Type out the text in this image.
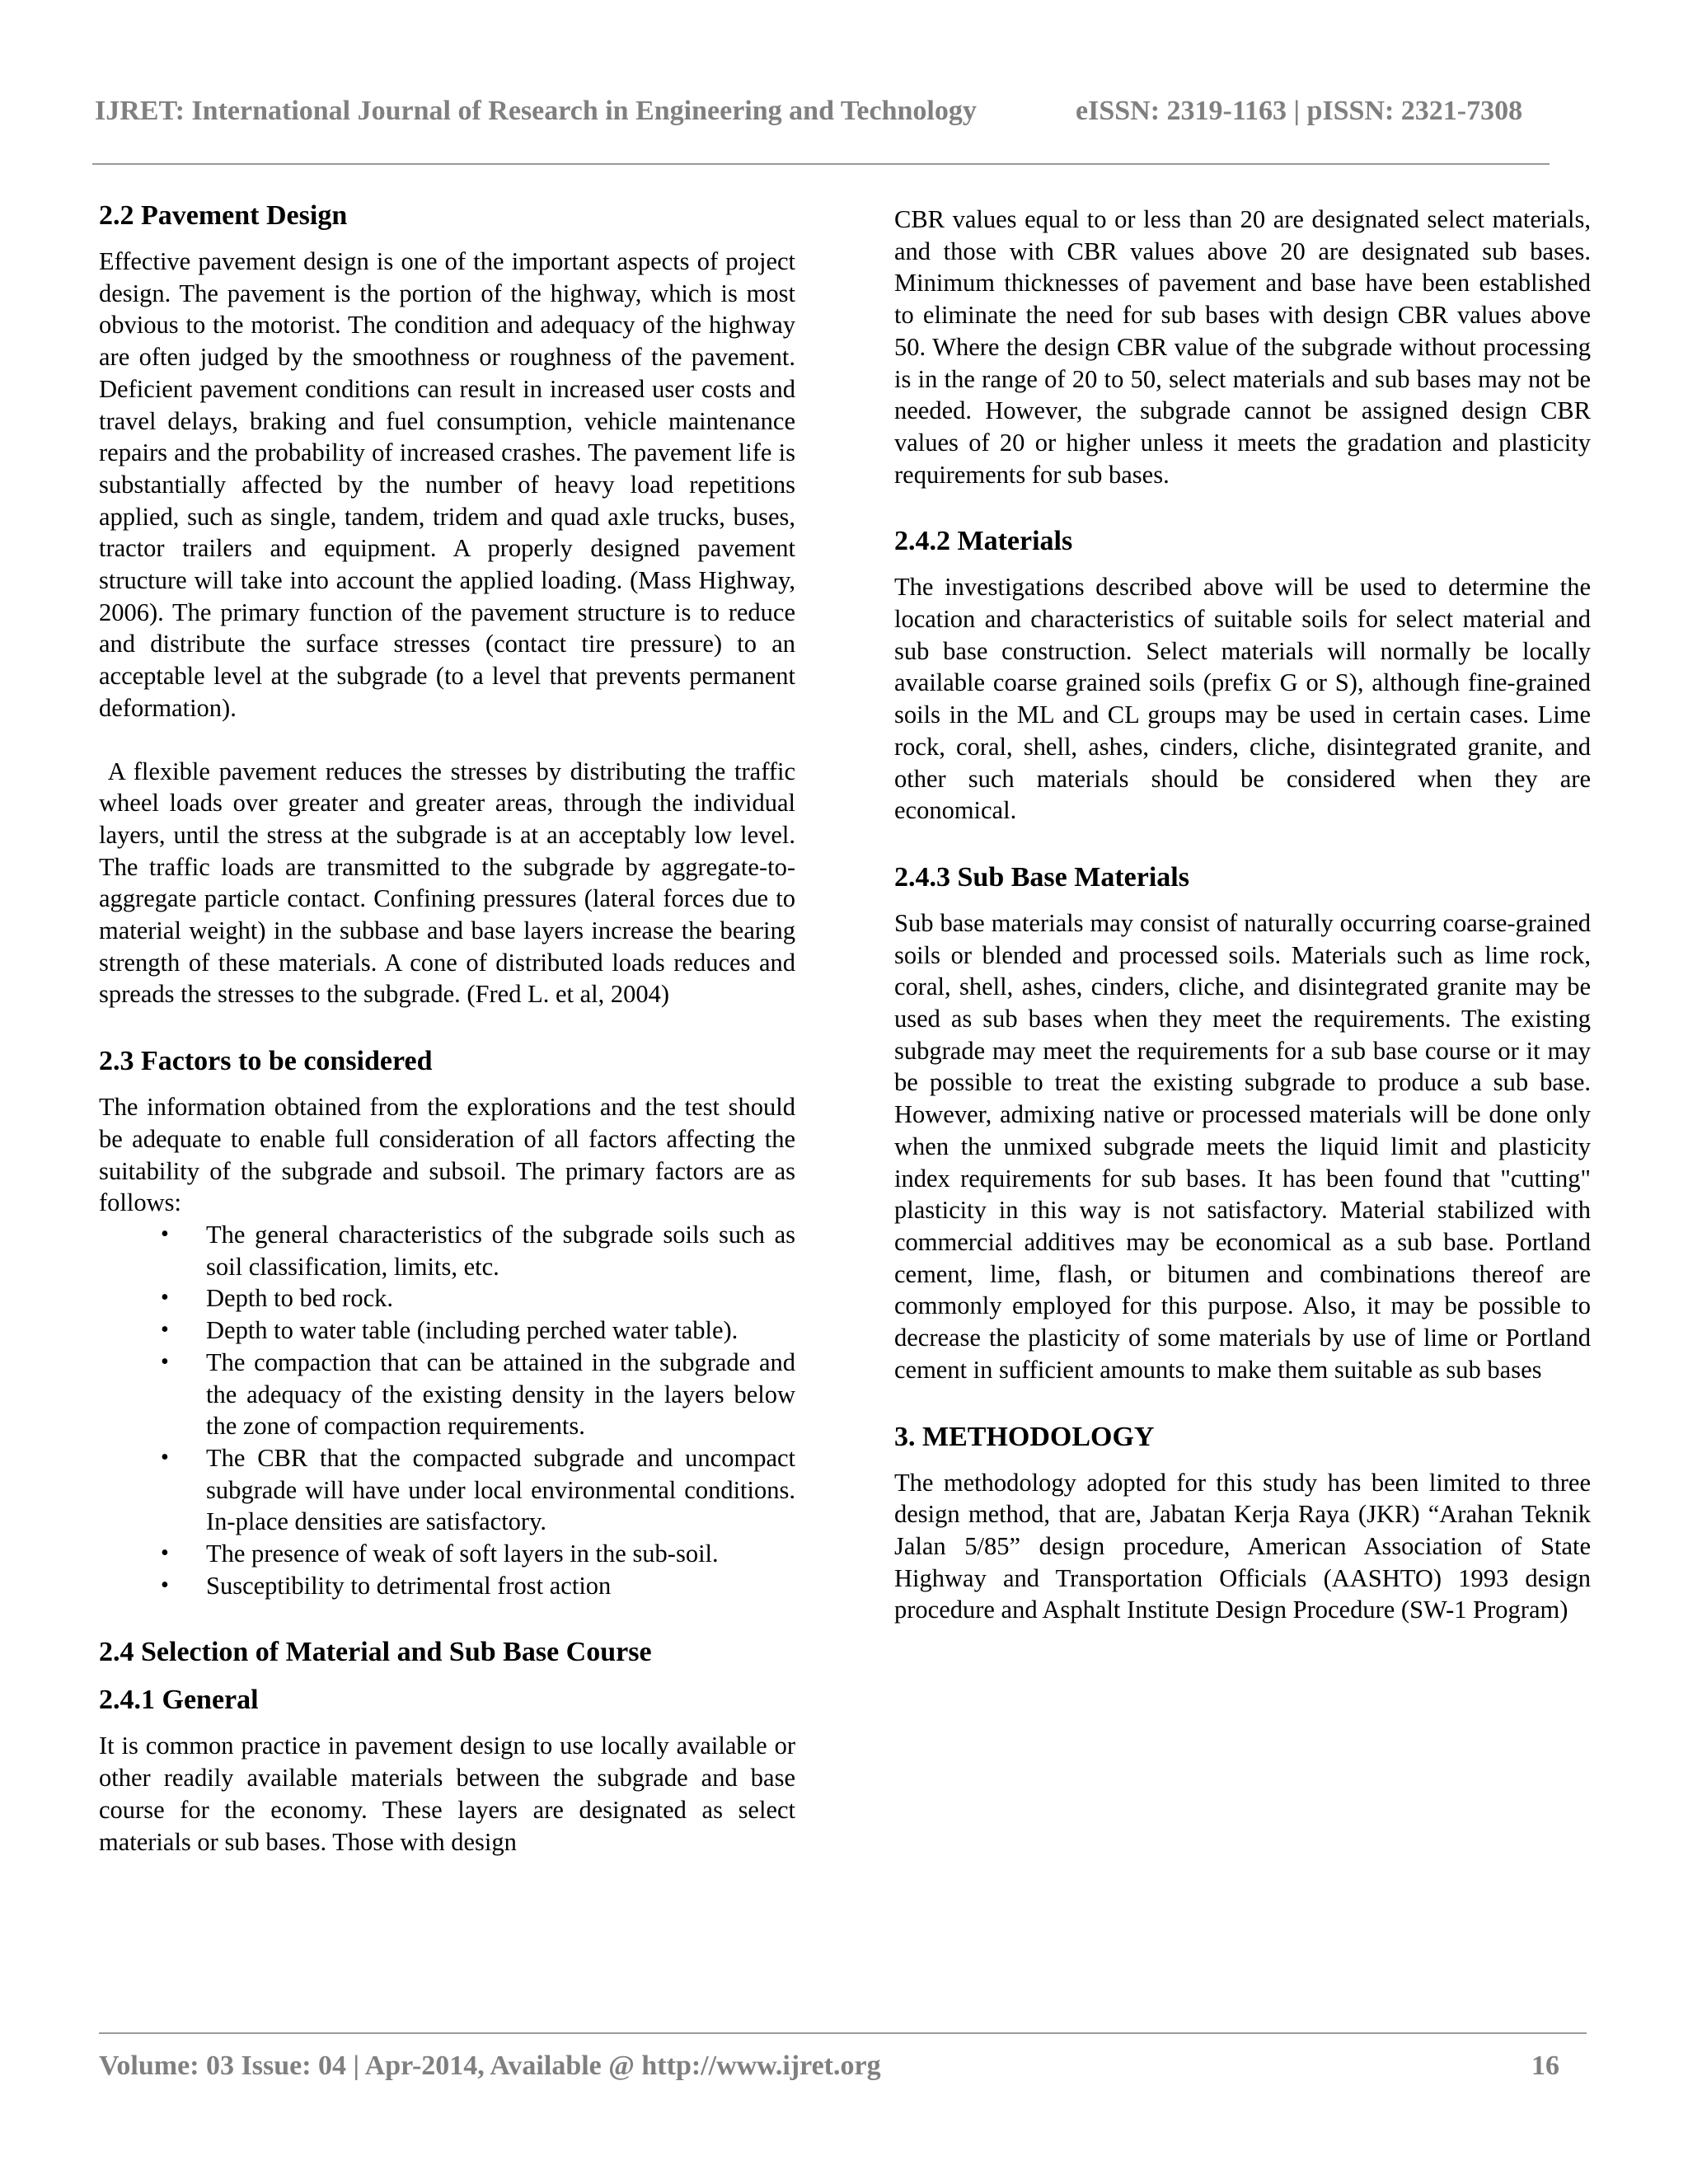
IJRET: International Journal of Research in Engineering and Technology	eISSN: 2319-1163 | pISSN: 2321-7308
2.2 Pavement Design

Effective pavement design is one of the important aspects of project design. The pavement is the portion of the highway, which is most obvious to the motorist. The condition and adequacy of the highway are often judged by the smoothness or roughness of the pavement. Deficient pavement conditions can result in increased user costs and travel delays, braking and fuel consumption, vehicle maintenance repairs and the probability of increased crashes. The pavement life is substantially affected by the number of heavy load repetitions applied, such as single, tandem, tridem and quad axle trucks, buses, tractor trailers and equipment. A properly designed pavement structure will take into account the applied loading. (Mass Highway, 2006). The primary function of the pavement structure is to reduce and distribute the surface stresses (contact tire pressure) to an acceptable level at the subgrade (to a level that prevents permanent deformation).

A flexible pavement reduces the stresses by distributing the traffic wheel loads over greater and greater areas, through the individual layers, until the stress at the subgrade is at an acceptably low level. The traffic loads are transmitted to the subgrade by aggregate-to-aggregate particle contact. Confining pressures (lateral forces due to material weight) in the subbase and base layers increase the bearing strength of these materials. A cone of distributed loads reduces and spreads the stresses to the subgrade. (Fred L. et al, 2004)

2.3 Factors to be considered

The information obtained from the explorations and the test should be adequate to enable full consideration of all factors affecting the suitability of the subgrade and subsoil. The primary factors are as follows:

• The general characteristics of the subgrade soils such as soil classification, limits, etc.
• Depth to bed rock.
• Depth to water table (including perched water table).
• The compaction that can be attained in the subgrade and the adequacy of the existing density in the layers below the zone of compaction requirements.
• The CBR that the compacted subgrade and uncompact subgrade will have under local environmental conditions. In-place densities are satisfactory.
• The presence of weak of soft layers in the sub-soil.
• Susceptibility to detrimental frost action
2.4 Selection of Material and Sub Base Course
2.4.1 General

It is common practice in pavement design to use locally available or other readily available materials between the subgrade and base course for the economy. These layers are designated as select materials or sub bases. Those with design

CBR values equal to or less than 20 are designated select materials, and those with CBR values above 20 are designated sub bases. Minimum thicknesses of pavement and base have been established to eliminate the need for sub bases with design CBR values above 50. Where the design CBR value of the subgrade without processing is in the range of 20 to 50, select materials and sub bases may not be needed. However, the subgrade cannot be assigned design CBR values of 20 or higher unless it meets the gradation and plasticity requirements for sub bases.

2.4.2 Materials

The investigations described above will be used to determine the location and characteristics of suitable soils for select material and sub base construction. Select materials will normally be locally available coarse grained soils (prefix G or S), although fine-grained soils in the ML and CL groups may be used in certain cases. Lime rock, coral, shell, ashes, cinders, cliche, disintegrated granite, and other such materials should be considered when they are economical.

2.4.3 Sub Base Materials

Sub base materials may consist of naturally occurring coarse-grained soils or blended and processed soils. Materials such as lime rock, coral, shell, ashes, cinders, cliche, and disintegrated granite may be used as sub bases when they meet the requirements. The existing subgrade may meet the requirements for a sub base course or it may be possible to treat the existing subgrade to produce a sub base. However, admixing native or processed materials will be done only when the unmixed subgrade meets the liquid limit and plasticity index requirements for sub bases. It has been found that "cutting" plasticity in this way is not satisfactory. Material stabilized with commercial additives may be economical as a sub base. Portland cement, lime, flash, or bitumen and combinations thereof are commonly employed for this purpose. Also, it may be possible to decrease the plasticity of some materials by use of lime or Portland cement in sufficient amounts to make them suitable as sub bases

3. METHODOLOGY

The methodology adopted for this study has been limited to three design method, that are, Jabatan Kerja Raya (JKR) “Arahan Teknik Jalan 5/85” design procedure, American Association of State Highway and Transportation Officials (AASHTO) 1993 design procedure and Asphalt Institute Design Procedure (SW-1 Program)

Volume: 03 Issue: 04 | Apr-2014, Available @ http://www.ijret.org	16
